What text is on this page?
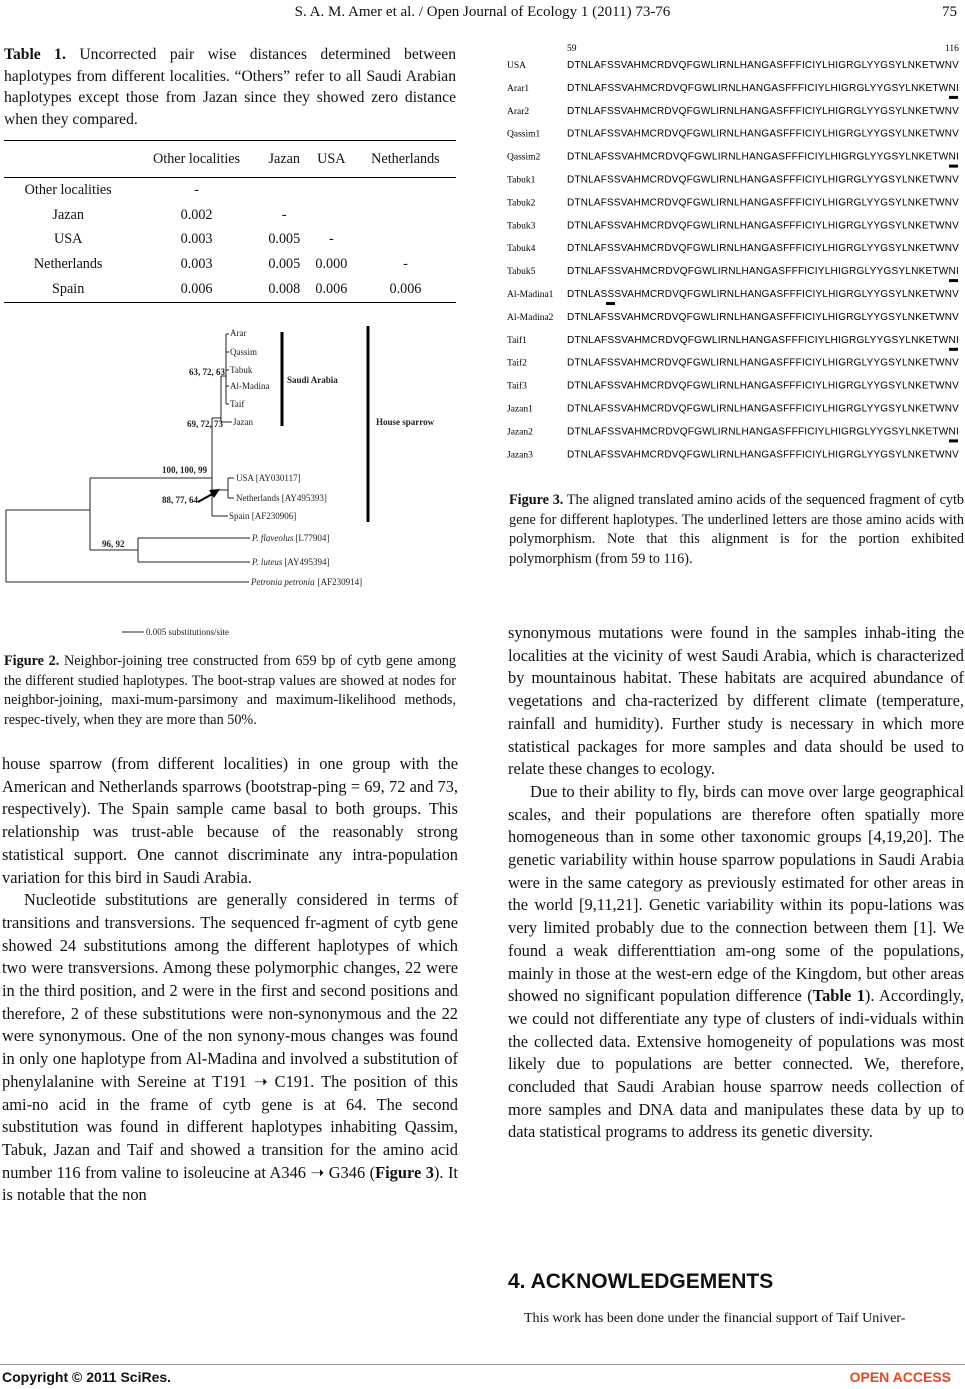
S. A. M. Amer et al. / Open Journal of Ecology 1 (2011) 73-76	75
Table 1. Uncorrected pair wise distances determined between haplotypes from different localities. “Others” refer to all Saudi Arabian haplotypes except those from Jazan since they showed zero distance when they compared.
	Other localities	Jazan	USA	Netherlands
Other localities	-			
Jazan	0.002	-		
USA	0.003	0.005	-	
Netherlands	0.003	0.005	0.000	-
Spain	0.006	0.008	0.006	0.006
Arar
Qassim
Tabuk
Al-Madina
Taif
Jazan
USA [AY030117]
Netherlands [AY495393]
Spain [AF230906]
P. flaveolus [L77904]
P. luteus [AY495394]
Petronia petronia [AF230914]
63, 72, 63
69, 72, 73
100, 100, 99
88, 77, 64
96, 92
Saudi Arabia
House sparrow
0.005 substitutions/site
Figure 2. Neighbor-joining tree constructed from 659 bp of cytb gene among the different studied haplotypes. The boot-strap values are showed at nodes for neighbor-joining, maxi-mum-parsimony and maximum-likelihood methods, respec-tively, when they are more than 50%.

house sparrow (from different localities) in one group with the American and Netherlands sparrows (bootstrap-ping = 69, 72 and 73, respectively). The Spain sample came basal to both groups. This relationship was trust-able because of the reasonably strong statistical support. One cannot discriminate any intra-population variation for this bird in Saudi Arabia.

Nucleotide substitutions are generally considered in terms of transitions and transversions. The sequenced fr-agment of cytb gene showed 24 substitutions among the different haplotypes of which two were transversions. Among these polymorphic changes, 22 were in the third position, and 2 were in the first and second positions and therefore, 2 of these substitutions were non-synonymous and the 22 were synonymous. One of the non synony-mous changes was found in only one haplotype from Al-Madina and involved a substitution of phenylalanine with Sereine at T191 ➝ C191. The position of this ami-no acid in the frame of cytb gene is at 64. The second substitution was found in different haplotypes inhabiting Qassim, Tabuk, Jazan and Taif and showed a transition for the amino acid number 116 from valine to isoleucine at A346 ➝ G346 (Figure 3). It is notable that the non

59	116
USA	DTNLAFSSVAHMCRDVQFGWLIRNLHANGASFFFICIYLHIGRGLYYGSYLNKETWNV
Arar1	DTNLAFSSVAHMCRDVQFGWLIRNLHANGASFFFICIYLHIGRGLYYGSYLNKETWNI
Arar2	DTNLAFSSVAHMCRDVQFGWLIRNLHANGASFFFICIYLHIGRGLYYGSYLNKETWNV
Qassim1	DTNLAFSSVAHMCRDVQFGWLIRNLHANGASFFFICIYLHIGRGLYYGSYLNKETWNV
Qassim2	DTNLAFSSVAHMCRDVQFGWLIRNLHANGASFFFICIYLHIGRGLYYGSYLNKETWNI
Tabuk1	DTNLAFSSVAHMCRDVQFGWLIRNLHANGASFFFICIYLHIGRGLYYGSYLNKETWNV
Tabuk2	DTNLAFSSVAHMCRDVQFGWLIRNLHANGASFFFICIYLHIGRGLYYGSYLNKETWNV
Tabuk3	DTNLAFSSVAHMCRDVQFGWLIRNLHANGASFFFICIYLHIGRGLYYGSYLNKETWNV
Tabuk4	DTNLAFSSVAHMCRDVQFGWLIRNLHANGASFFFICIYLHIGRGLYYGSYLNKETWNV
Tabuk5	DTNLAFSSVAHMCRDVQFGWLIRNLHANGASFFFICIYLHIGRGLYYGSYLNKETWNI
Al-Madina1 DTNLASSSVAHMCRDVQFGWLIRNLHANGASFFFICIYLHIGRGLYYGSYLNKETWNV
Al-Madina2 DTNLAFSSVAHMCRDVQFGWLIRNLHANGASFFFICIYLHIGRGLYYGSYLNKETWNV
Taif1	DTNLAFSSVAHMCRDVQFGWLIRNLHANGASFFFICIYLHIGRGLYYGSYLNKETWNI
Taif2	DTNLAFSSVAHMCRDVQFGWLIRNLHANGASFFFICIYLHIGRGLYYGSYLNKETWNV
Taif3	DTNLAFSSVAHMCRDVQFGWLIRNLHANGASFFFICIYLHIGRGLYYGSYLNKETWNV
Jazan1	DTNLAFSSVAHMCRDVQFGWLIRNLHANGASFFFICIYLHIGRGLYYGSYLNKETWNV
Jazan2	DTNLAFSSVAHMCRDVQFGWLIRNLHANGASFFFICIYLHIGRGLYYGSYLNKETWNI
Jazan3	DTNLAFSSVAHMCRDVQFGWLIRNLHANGASFFFICIYLHIGRGLYYGSYLNKETWNV
Figure 3. The aligned translated amino acids of the sequenced fragment of cytb gene for different haplotypes. The underlined letters are those amino acids with polymorphism. Note that this alignment is for the portion exhibited polymorphism (from 59 to 116).

synonymous mutations were found in the samples inhab-iting the localities at the vicinity of west Saudi Arabia, which is characterized by mountainous habitat. These habitats are acquired abundance of vegetations and cha-racterized by different climate (temperature, rainfall and humidity). Further study is necessary in which more statistical packages for more samples and data should be used to relate these changes to ecology.

Due to their ability to fly, birds can move over large geographical scales, and their populations are therefore often spatially more homogeneous than in some other taxonomic groups [4,19,20]. The genetic variability within house sparrow populations in Saudi Arabia were in the same category as previously estimated for other areas in the world [9,11,21]. Genetic variability within its popu-lations was very limited probably due to the connection between them [1]. We found a weak differenttiation am-ong some of the populations, mainly in those at the west-ern edge of the Kingdom, but other areas showed no significant population difference (Table 1). Accordingly, we could not differentiate any type of clusters of indi-viduals within the collected data. Extensive homogeneity of populations was most likely due to populations are better connected. We, therefore, concluded that Saudi Arabian house sparrow needs collection of more samples and DNA data and manipulates these data by up to data statistical programs to address its genetic diversity.

4. ACKNOWLEDGEMENTS
This work has been done under the financial support of Taif Univer-
Copyright © 2011 SciRes.	OPEN ACCESS
